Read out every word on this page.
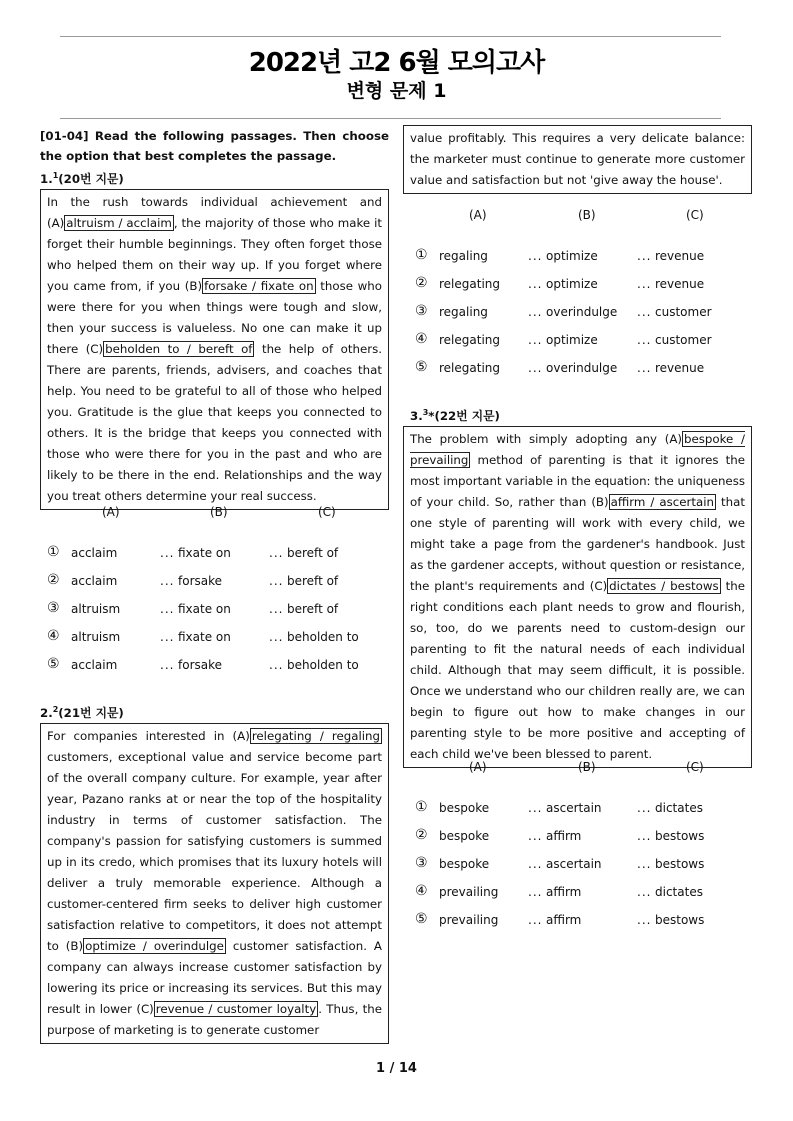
2022년 고2 6월 모의고사
변형 문제 1
[01-04] Read the following passages. Then choose the option that best completes the passage.
1.$^1$(20번 지문)
In the rush towards individual achievement and (A) altruism / acclaim , the majority of those who make it forget their humble beginnings. They often forget those who helped them on their way up. If you forget where you came from, if you (B) forsake / fixate on those who were there for you when things were tough and slow, then your success is valueless. No one can make it up there (C) beholden to / bereft of the help of others. There are parents, friends, advisers, and coaches that help. You need to be grateful to all of those who helped you. Gratitude is the glue that keeps you connected to others. It is the bridge that keeps you connected with those who were there for you in the past and who are likely to be there in the end. Relationships and the way you treat others determine your real success.
(A)	(B)	(C)
① acclaim	... fixate on	... bereft of
② acclaim	... forsake	... bereft of
③ altruism	... fixate on	... bereft of
④ altruism	... fixate on	... beholden to
⑤ acclaim	... forsake	... beholden to
2.$^2$(21번 지문)
For companies interested in (A) relegating / regaling customers, exceptional value and service become part of the overall company culture. For example, year after year, Pazano ranks at or near the top of the hospitality industry in terms of customer satisfaction. The company's passion for satisfying customers is summed up in its credo, which promises that its luxury hotels will deliver a truly memorable experience. Although a customer-centered firm seeks to deliver high customer satisfaction relative to competitors, it does not attempt to (B) optimize / overindulge customer satisfaction. A company can always increase customer satisfaction by lowering its price or increasing its services. But this may result in lower (C) revenue / customer loyalty . Thus, the purpose of marketing is to generate customer
value profitably. This requires a very delicate balance: the marketer must continue to generate more customer value and satisfaction but not 'give away the house'.
(A)	(B)	(C)
① regaling	... optimize	... revenue
② relegating ... optimize	... revenue
③ regaling	... overindulge ... customer
④ relegating ... optimize	... customer
⑤ relegating ... overindulge ... revenue
3.$^3$*(22번 지문)
The problem with simply adopting any (A) bespoke / prevailing method of parenting is that it ignores the most important variable in the equation: the uniqueness of your child. So, rather than (B) affirm / ascertain that one style of parenting will work with every child, we might take a page from the gardener's handbook. Just as the gardener accepts, without question or resistance, the plant's requirements and (C) dictates / bestows the right conditions each plant needs to grow and flourish, so, too, do we parents need to custom-design our parenting to fit the natural needs of each individual child. Although that may seem difficult, it is possible. Once we understand who our children really are, we can begin to figure out how to make changes in our parenting style to be more positive and accepting of each child we've been blessed to parent.
(A)	(B)	(C)
① bespoke	... ascertain	... dictates
② bespoke	... affirm	... bestows
③ bespoke	... ascertain	... bestows
④ prevailing ... affirm	... dictates
⑤ prevailing ... affirm	... bestows
1 / 14
